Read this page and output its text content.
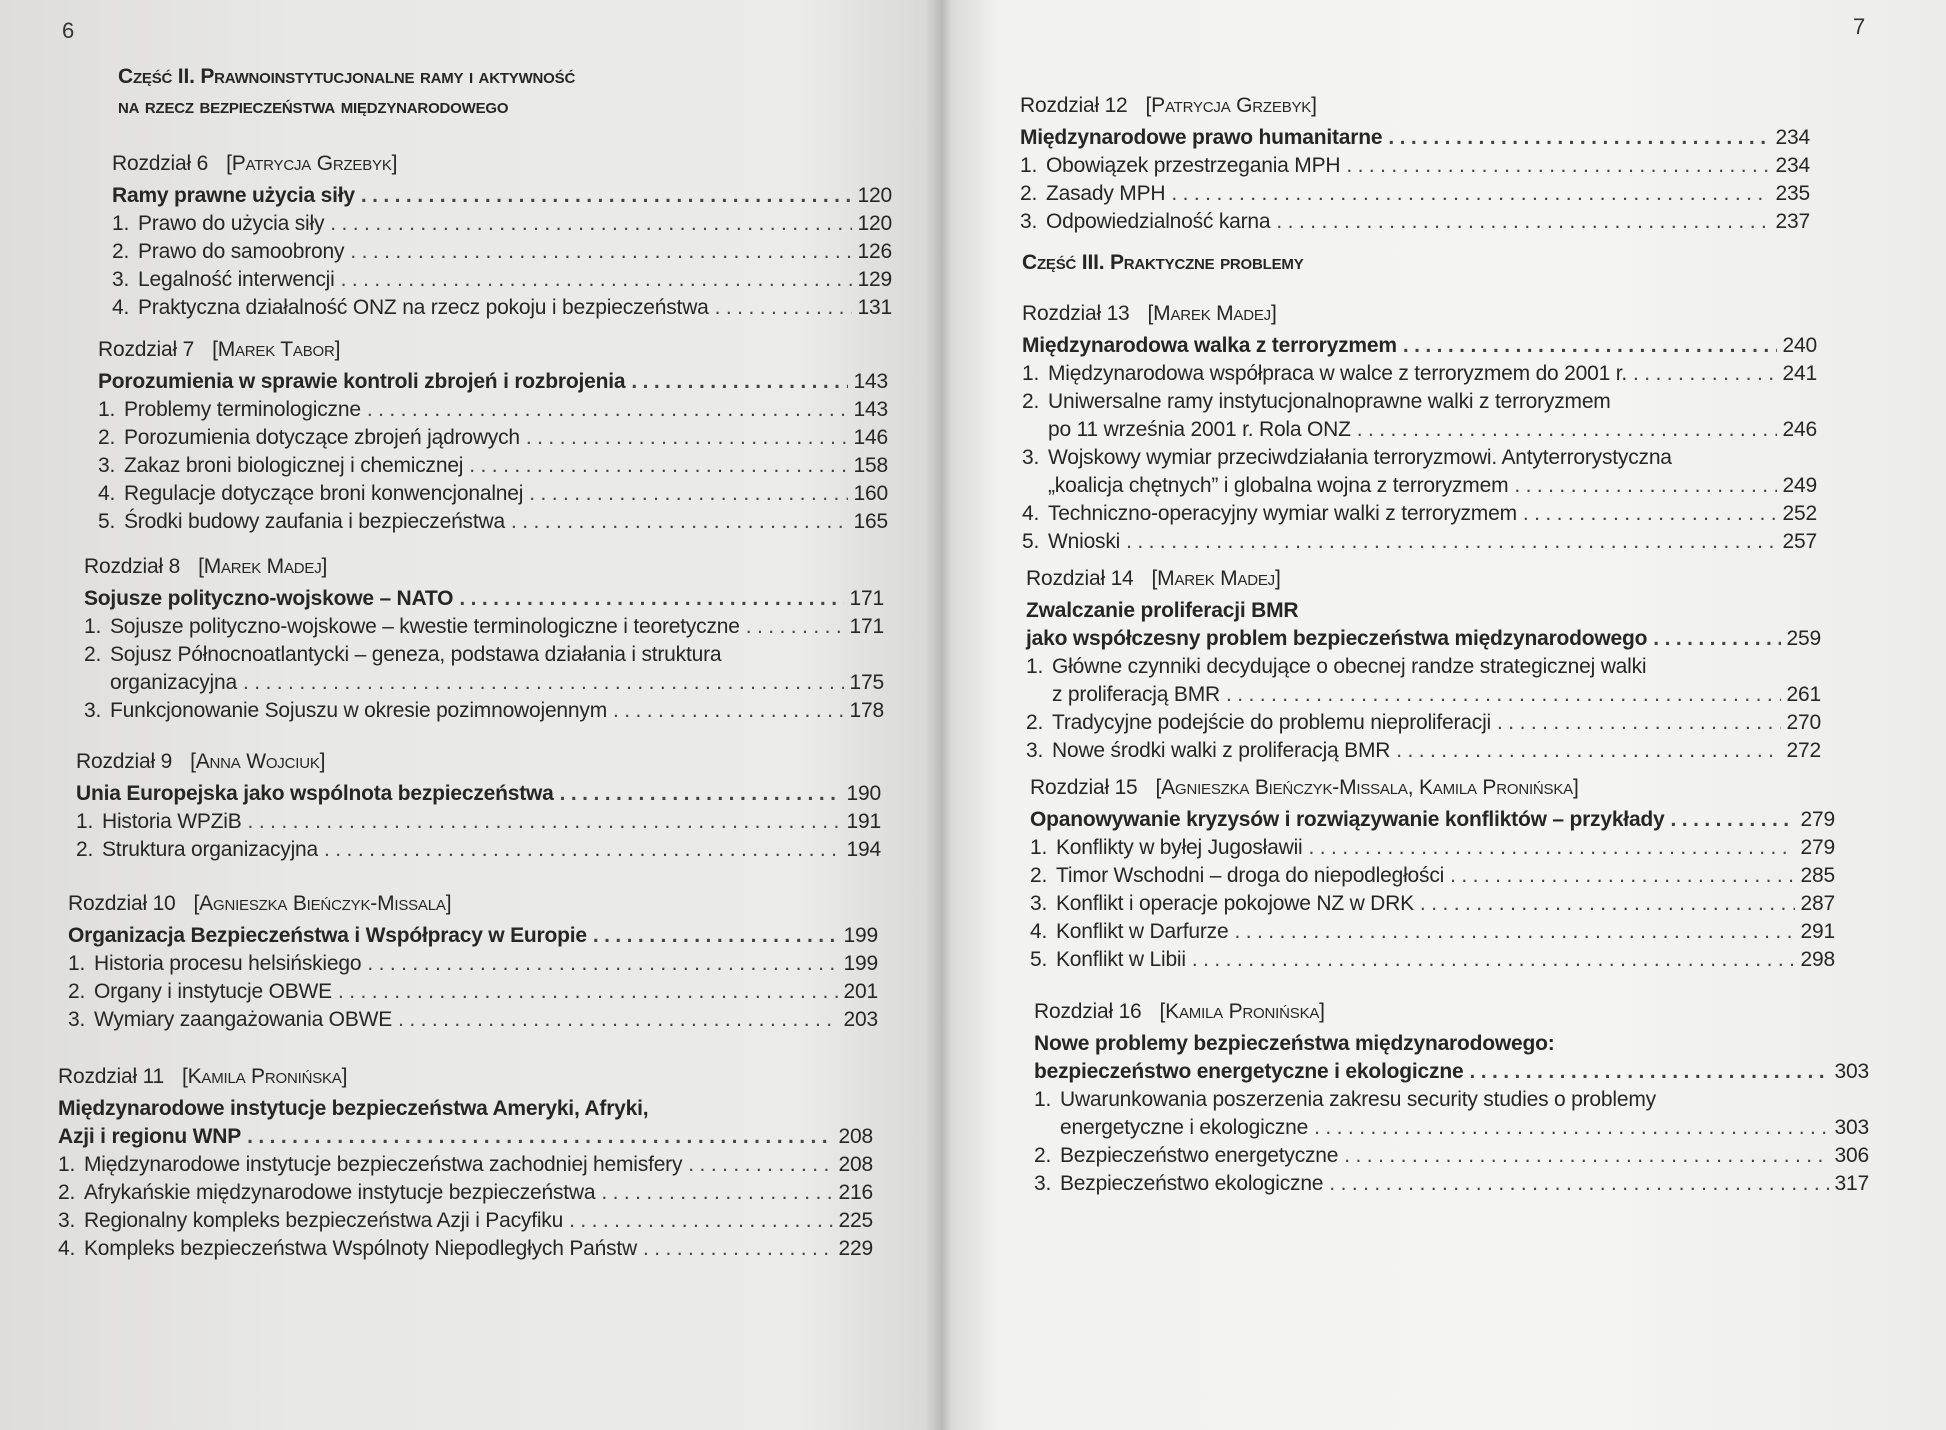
6	7
Część II. Prawnoinstytucjonalne ramy i aktywność
na rzecz bezpieczeństwa międzynarodowego
Część III. Praktyczne problemy
Rozdział 6 [Patrycja Grzebyk]
Ramy prawne użycia siły . . .	120
1. Prawo do użycia siły . . .	120
2. Prawo do samoobrony . . .	126
3. Legalność interwencji . . .	129
4. Praktyczna działalność ONZ na rzecz pokoju i bezpieczeństwa . . .	131
Rozdział 7 [Marek Tabor]
Porozumienia w sprawie kontroli zbrojeń i rozbrojenia . . .	143
1. Problemy terminologiczne . . .	143
2. Porozumienia dotyczące zbrojeń jądrowych . . .	146
3. Zakaz broni biologicznej i chemicznej . . .	158
4. Regulacje dotyczące broni konwencjonalnej . . .	160
5. Środki budowy zaufania i bezpieczeństwa . . .	165
Rozdział 8 [Marek Madej]
Sojusze polityczno-wojskowe – NATO . . .	171
1. Sojusze polityczno-wojskowe – kwestie terminologiczne i teoretyczne . . .	171
2. Sojusz Północnoatlantycki – geneza, podstawa działania i struktura
organizacyjna . . .	175
3. Funkcjonowanie Sojuszu w okresie pozimnowojennym . . .	178
Rozdział 9 [Anna Wojciuk]
Unia Europejska jako wspólnota bezpieczeństwa . . .	190
1. Historia WPZiB . . .	191
2. Struktura organizacyjna . . .	194
Rozdział 10 [Agnieszka Bieńczyk-Missala]
Organizacja Bezpieczeństwa i Współpracy w Europie . . .	199
1. Historia procesu helsińskiego . . .	199
2. Organy i instytucje OBWE . . .	201
3. Wymiary zaangażowania OBWE . . .	203
Rozdział 11 [Kamila Pronińska]
Międzynarodowe instytucje bezpieczeństwa Ameryki, Afryki,
Azji i regionu WNP . . .	208
1. Międzynarodowe instytucje bezpieczeństwa zachodniej hemisfery . . .	208
2. Afrykańskie międzynarodowe instytucje bezpieczeństwa . . .	216
3. Regionalny kompleks bezpieczeństwa Azji i Pacyfiku . . .	225
4. Kompleks bezpieczeństwa Wspólnoty Niepodległych Państw . . .	229
Rozdział 12 [Patrycja Grzebyk]
Międzynarodowe prawo humanitarne . . .	234
1. Obowiązek przestrzegania MPH . . .	234
2. Zasady MPH . . .	235
3. Odpowiedzialność karna . . .	237
Rozdział 13 [Marek Madej]
Międzynarodowa walka z terroryzmem . . .	240
1. Międzynarodowa współpraca w walce z terroryzmem do 2001 r. . . .	241
2. Uniwersalne ramy instytucjonalnoprawne walki z terroryzmem
po 11 września 2001 r. Rola ONZ . . .	246
3. Wojskowy wymiar przeciwdziałania terroryzmowi. Antyterrorystyczna
„koalicja chętnych” i globalna wojna z terroryzmem . . .	249
4. Techniczno-operacyjny wymiar walki z terroryzmem . . .	252
5. Wnioski . . .	257
Rozdział 14 [Marek Madej]
Zwalczanie proliferacji BMR
jako współczesny problem bezpieczeństwa międzynarodowego . . .	259
1. Główne czynniki decydujące o obecnej randze strategicznej walki
z proliferacją BMR . . .	261
2. Tradycyjne podejście do problemu nieproliferacji . . .	270
3. Nowe środki walki z proliferacją BMR . . .	272
Rozdział 15 [Agnieszka Bieńczyk-Missala, Kamila Pronińska]
Opanowywanie kryzysów i rozwiązywanie konfliktów – przykłady . . .	279
1. Konflikty w byłej Jugosławii . . .	279
2. Timor Wschodni – droga do niepodległości . . .	285
3. Konflikt i operacje pokojowe NZ w DRK . . .	287
4. Konflikt w Darfurze . . .	291
5. Konflikt w Libii . . .	298
Rozdział 16 [Kamila Pronińska]
Nowe problemy bezpieczeństwa międzynarodowego:
bezpieczeństwo energetyczne i ekologiczne . . .	303
1. Uwarunkowania poszerzenia zakresu security studies o problemy
energetyczne i ekologiczne . . .	303
2. Bezpieczeństwo energetyczne . . .	306
3. Bezpieczeństwo ekologiczne . . .	317
